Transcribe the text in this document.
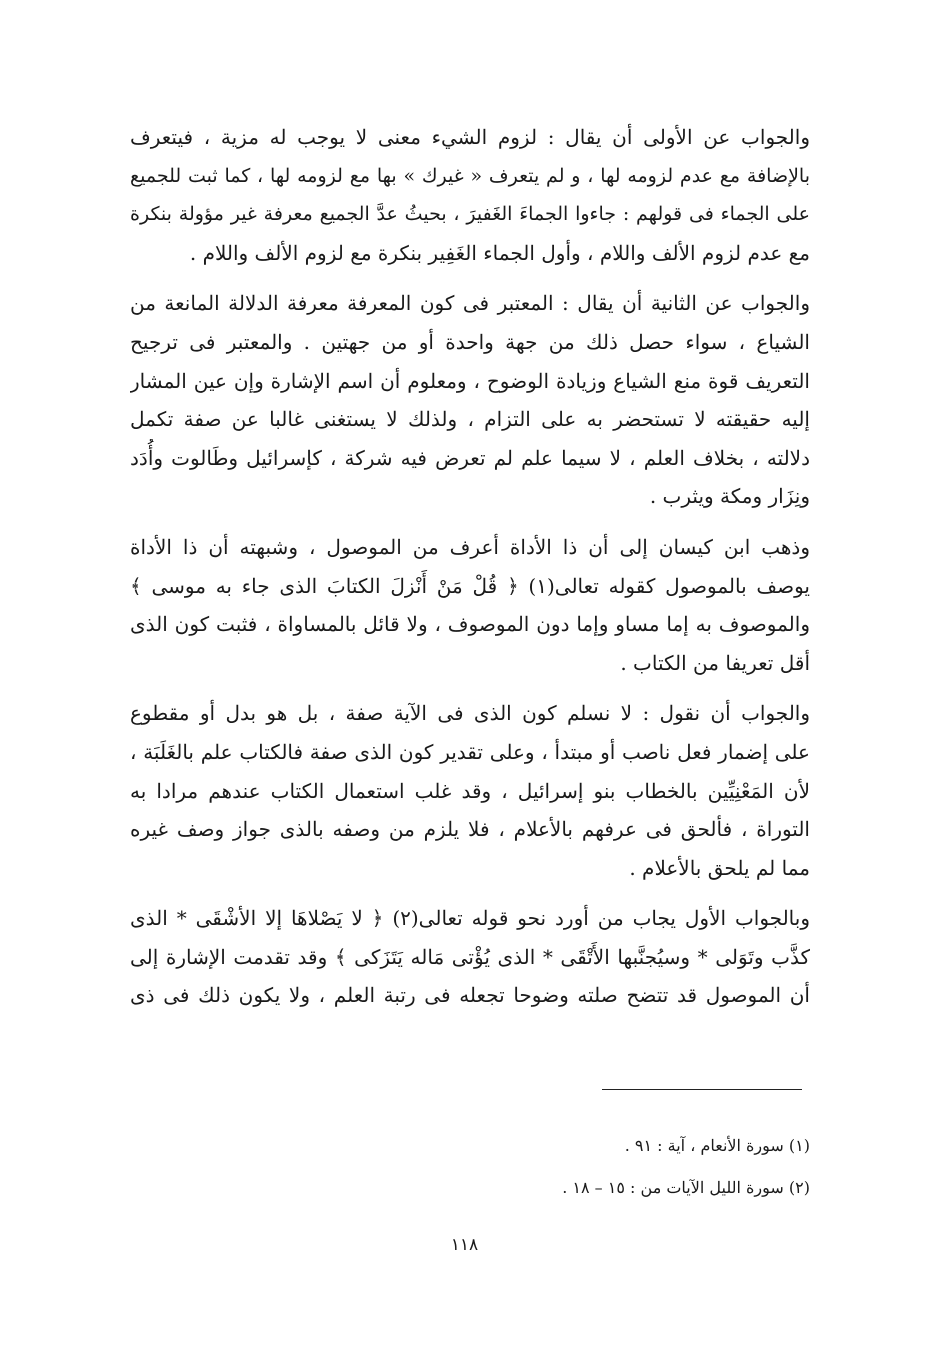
والجواب عن الأولى أن يقال : لزوم الشيء معنى لا يوجب له مزية ، فيتعرف
بالإضافة مع عدم لزومه لها ، و لم يتعرف « غيرك » بها مع لزومه لها ، كما ثبت للجميع
على الجماء فى قولهم : جاءوا الجماءَ الغَفيرَ ، بحيثُ عدَّ الجميع معرفة غير مؤولة بنكرة
مع عدم لزوم الألف واللام ، وأول الجماء الغَفِير بنكرة مع لزوم الألف واللام .
والجواب عن الثانية أن يقال : المعتبر فى كون المعرفة معرفة الدلالة المانعة من
الشياع ، سواء حصل ذلك من جهة واحدة أو من جهتين . والمعتبر فى ترجيح
التعريف قوة منع الشياع وزيادة الوضوح ، ومعلوم أن اسم الإشارة وإن عين المشار
إليه حقيقته لا تستحضر به على التزام ، ولذلك لا يستغنى غالبا عن صفة تكمل
دلالته ، بخلاف العلم ، لا سيما علم لم تعرض فيه شركة ، كإسرائيل وطَالوت وأُدَد
ونِزَار ومكة ويثرب .
وذهب ابن كيسان إلى أن ذا الأداة أعرف من الموصول ، وشبهته أن ذا الأداة
يوصف بالموصول كقوله تعالى(١) ﴿ قُلْ مَنْ أَنْزلَ الكتابَ الذى جاء به موسى ﴾
والموصوف به إما مساو وإما دون الموصوف ، ولا قائل بالمساواة ، فثبت كون الذى
أقل تعريفا من الكتاب .
والجواب أن نقول : لا نسلم كون الذى فى الآية صفة ، بل هو بدل أو مقطوع
على إضمار فعل ناصب أو مبتدأ ، وعلى تقدير كون الذى صفة فالكتاب علم بالغَلَبَة ،
لأن المَعْنِيِّين بالخطاب بنو إسرائيل ، وقد غلب استعمال الكتاب عندهم مرادا به
التوراة ، فألحق فى عرفهم بالأعلام ، فلا يلزم من وصفه بالذى جواز وصف غيره
مما لم يلحق بالأعلام .
وبالجواب الأول يجاب من أورد نحو قوله تعالى(٢) ﴿ لا يَصْلاهَا إلا الأشْقَى * الذى
كذَّب وتَوَلى * وسيُجنَّبها الأَتْقَى * الذى يُؤْتى مَاله يَتَزَكى ﴾ وقد تقدمت الإشارة إلى
أن الموصول قد تتضح صلته وضوحا تجعله فى رتبة العلم ، ولا يكون ذلك فى ذى
(١) سورة الأنعام ، آية : ٩١ .
(٢) سورة الليل الآيات من : ١٥ – ١٨ .
١١٨
